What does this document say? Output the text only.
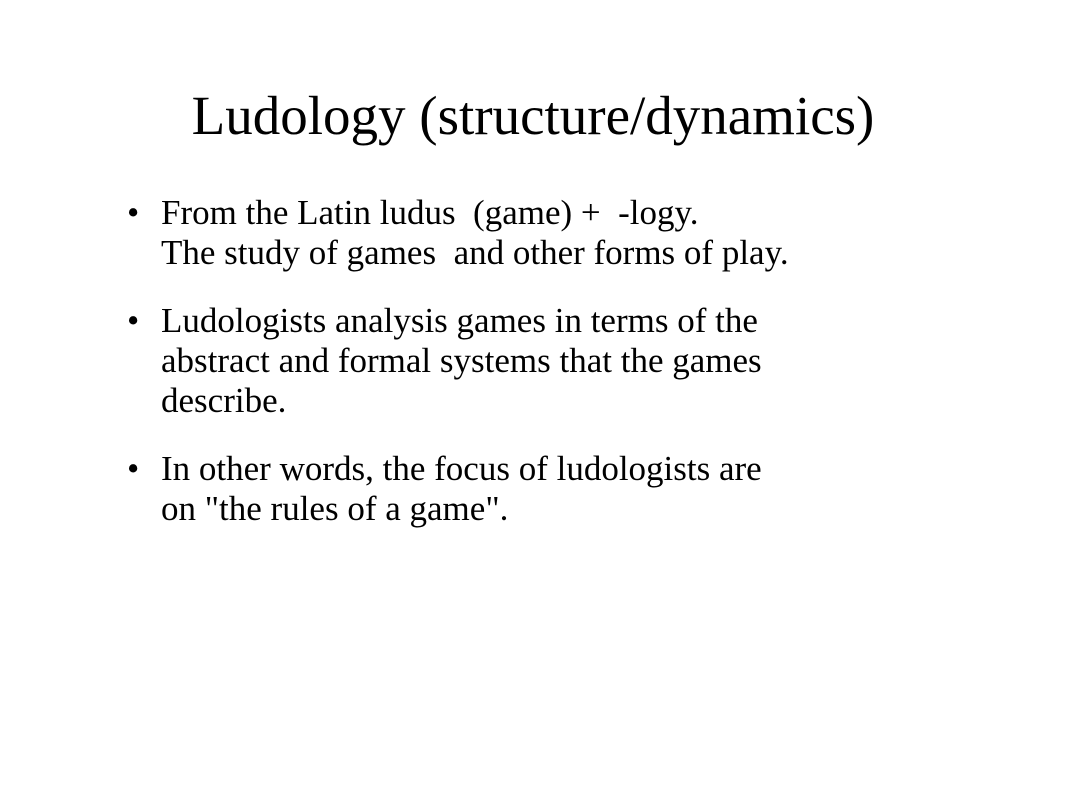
Ludology (structure/dynamics)
• From the Latin ludus  (game) +  -logy.
The study of games  and other forms of play.
• Ludologists analysis games in terms of the
abstract and formal systems that the games
describe.
• In other words, the focus of ludologists are
on "the rules of a game".
